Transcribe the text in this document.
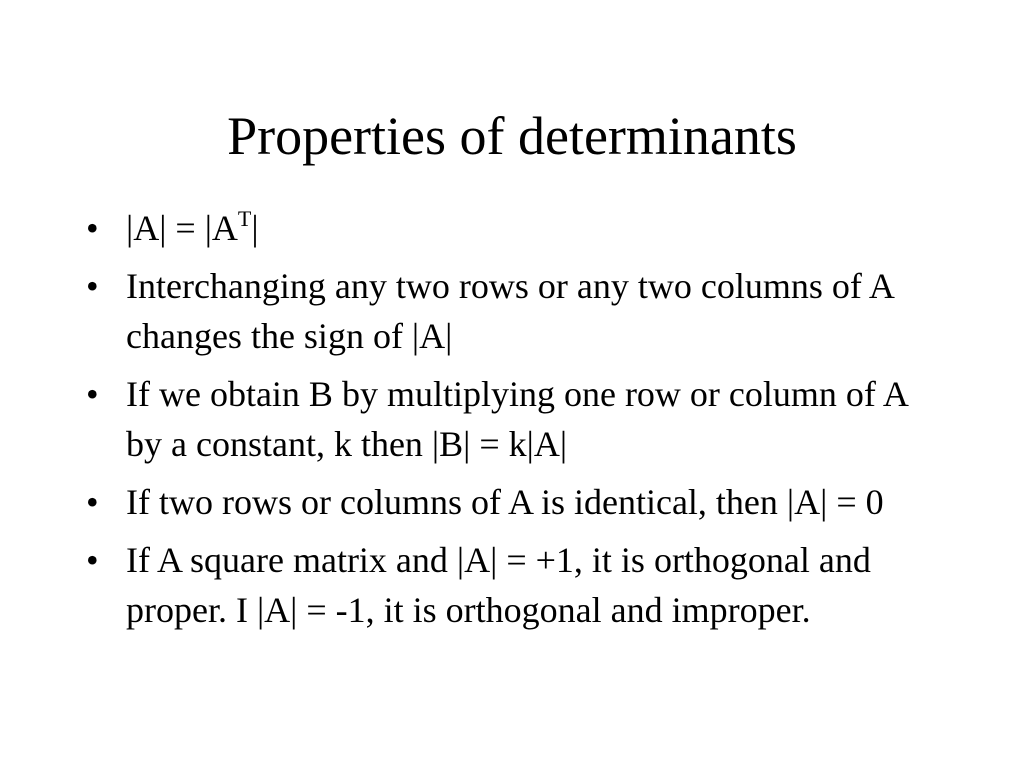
Properties of determinants
• $|A| = |A^T|$
• Interchanging any two rows or any two columns of A changes the sign of |A|
• If we obtain B by multiplying one row or column of A by a constant, k then |B| = k|A|
• If two rows or columns of A is identical, then |A| = 0
• If A square matrix and |A| = +1, it is orthogonal and proper. I |A| = -1, it is orthogonal and improper.
